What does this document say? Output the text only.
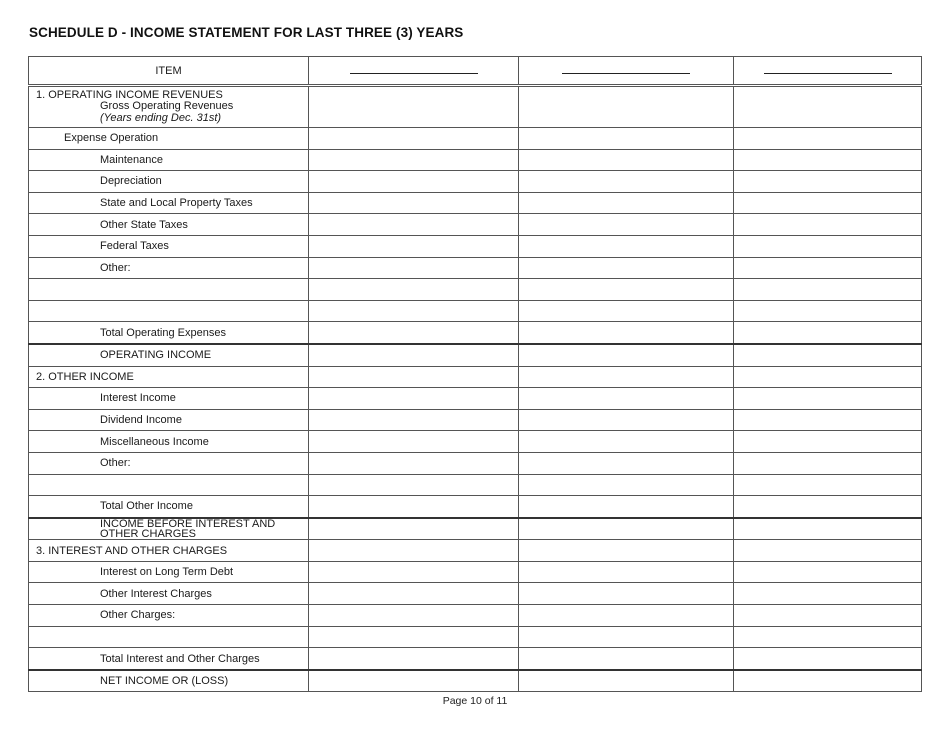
SCHEDULE D - INCOME STATEMENT FOR LAST THREE (3) YEARS
ITEM	

1. OPERATING INCOME REVENUES
Gross Operating Revenues
(Years ending Dec. 31st)			

Expense Operation			
Maintenance			
Depreciation			
State and Local Property Taxes			
Other State Taxes			
Federal Taxes			
Other:			

Total Operating Expenses			
OPERATING INCOME			
2. OTHER INCOME			
Interest Income			
Dividend Income			
Miscellaneous Income			
Other:			

Total Other Income			

INCOME BEFORE INTEREST AND
OTHER CHARGES			

3. INTEREST AND OTHER CHARGES			
Interest on Long Term Debt			
Other Interest Charges			
Other Charges:			

Total Interest and Other Charges			
NET INCOME OR (LOSS)			
Page 10 of 11
